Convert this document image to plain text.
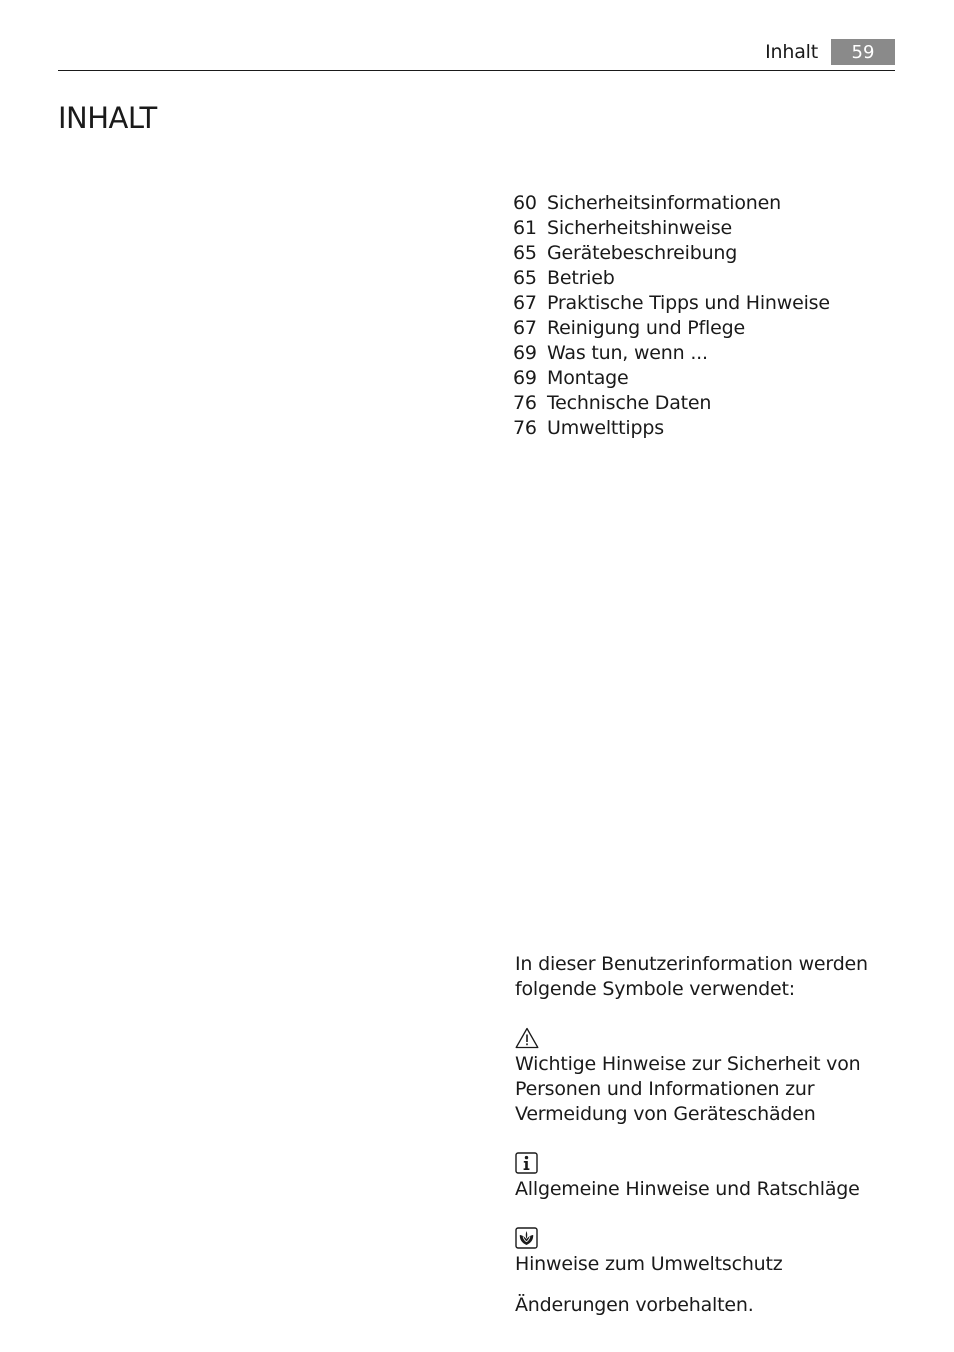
Inhalt	59
INHALT
60 Sicherheitsinformationen
61 Sicherheitshinweise
65 Gerätebeschreibung
65 Betrieb
67 Praktische Tipps und Hinweise
67 Reinigung und Pflege
69 Was tun, wenn ...
69 Montage
76 Technische Daten
76 Umwelttipps

In dieser Benutzerinformation werden

folgende Symbole verwendet:

Wichtige Hinweise zur Sicherheit von

Personen und Informationen zur

Vermeidung von Geräteschäden

Allgemeine Hinweise und Ratschläge

Hinweise zum Umweltschutz

Änderungen vorbehalten.
